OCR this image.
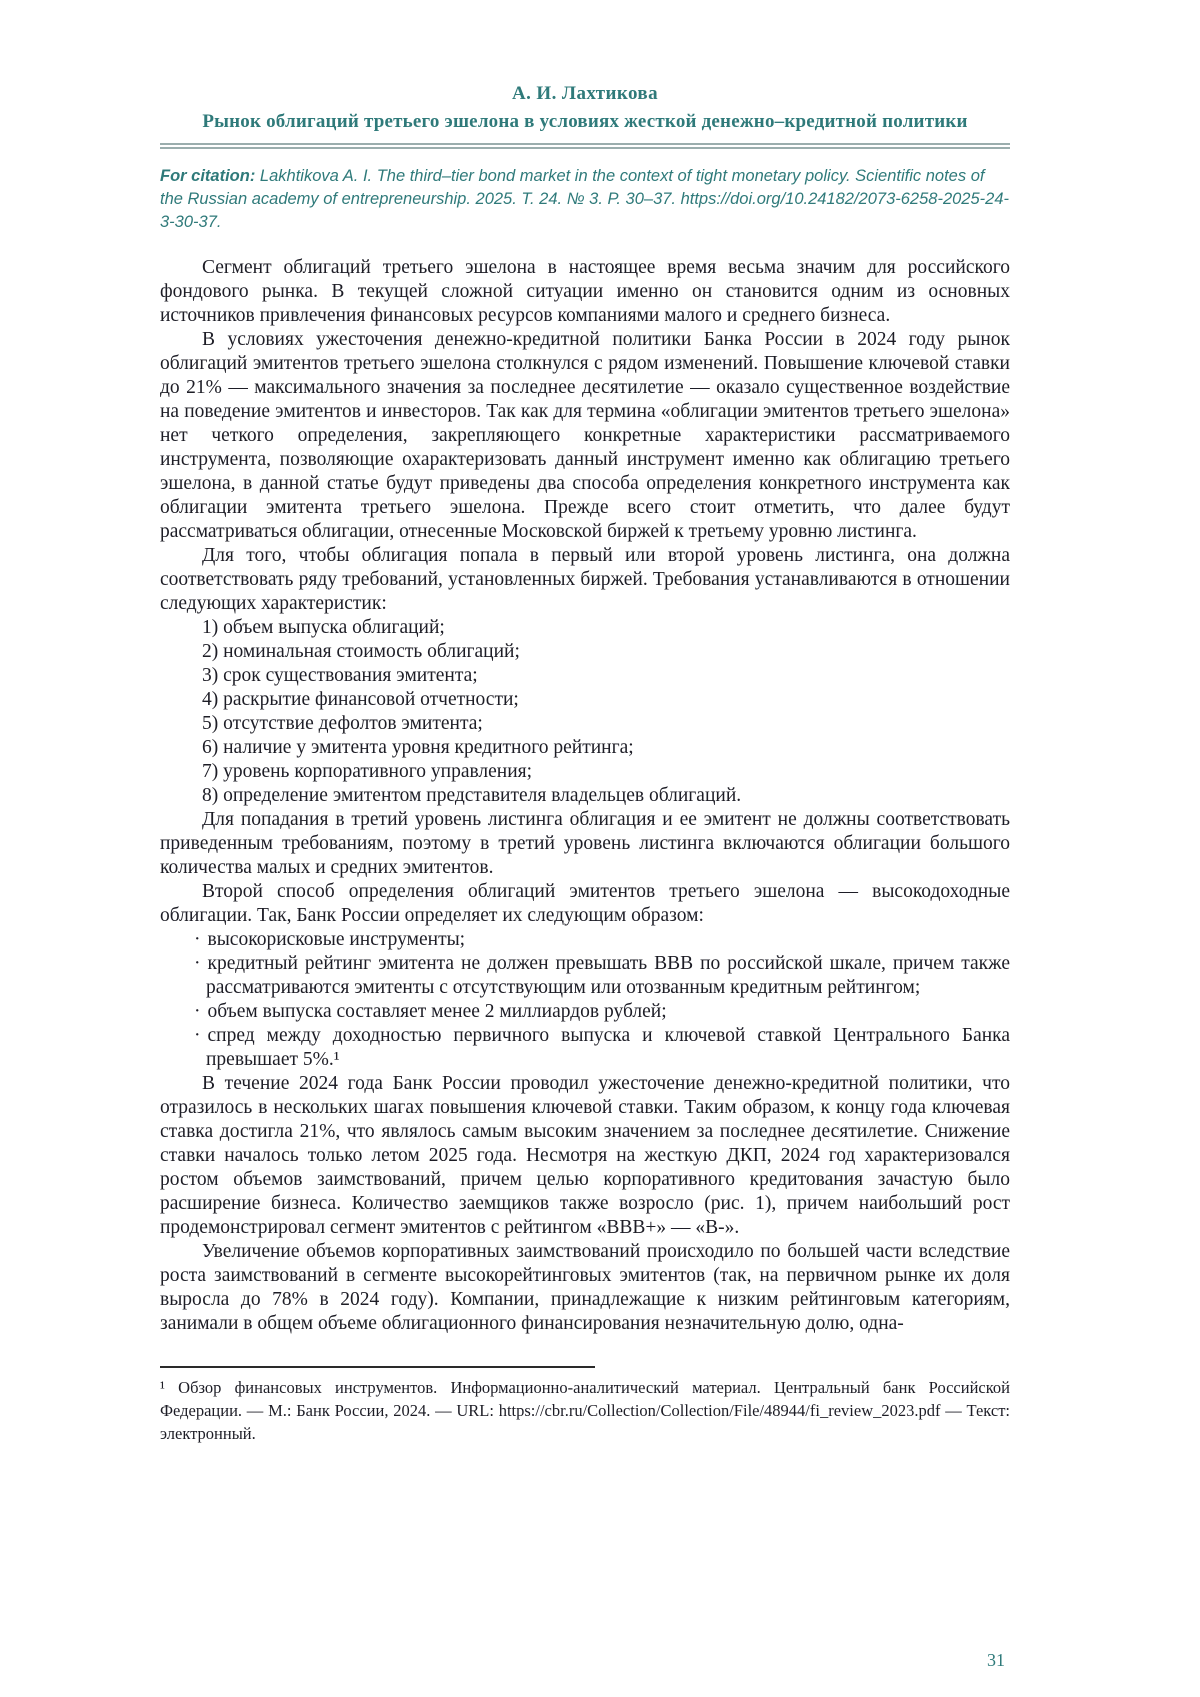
А. И. Лахтикова
Рынок облигаций третьего эшелона в условиях жесткой денежно–кредитной политики
For citation: Lakhtikova A. I. The third–tier bond market in the context of tight monetary policy. Scientific notes of the Russian academy of entrepreneurship. 2025. Т. 24. № 3. P. 30–37. https://doi.org/10.24182/2073-6258-2025-24-3-30-37.

Сегмент облигаций третьего эшелона в настоящее время весьма значим для российского фондового рынка. В текущей сложной ситуации именно он становится одним из основных источников привлечения финансовых ресурсов компаниями малого и среднего бизнеса.

В условиях ужесточения денежно-кредитной политики Банка России в 2024 году рынок облигаций эмитентов третьего эшелона столкнулся с рядом изменений. Повышение ключевой ставки до 21% — максимального значения за последнее десятилетие — оказало существенное воздействие на поведение эмитентов и инвесторов. Так как для термина «облигации эмитентов третьего эшелона» нет четкого определения, закрепляющего конкретные характеристики рассматриваемого инструмента, позволяющие охарактеризовать данный инструмент именно как облигацию третьего эшелона, в данной статье будут приведены два способа определения конкретного инструмента как облигации эмитента третьего эшелона. Прежде всего стоит отметить, что далее будут рассматриваться облигации, отнесенные Московской биржей к третьему уровню листинга.

Для того, чтобы облигация попала в первый или второй уровень листинга, она должна соответствовать ряду требований, установленных биржей. Требования устанавливаются в отношении следующих характеристик:

1) объем выпуска облигаций;
2) номинальная стоимость облигаций;
3) срок существования эмитента;
4) раскрытие финансовой отчетности;
5) отсутствие дефолтов эмитента;
6) наличие у эмитента уровня кредитного рейтинга;
7) уровень корпоративного управления;
8) определение эмитентом представителя владельцев облигаций.

Для попадания в третий уровень листинга облигация и ее эмитент не должны соответствовать приведенным требованиям, поэтому в третий уровень листинга включаются облигации большого количества малых и средних эмитентов.

Второй способ определения облигаций эмитентов третьего эшелона — высокодоходные облигации. Так, Банк России определяет их следующим образом:

· высокорисковые инструменты;
· кредитный рейтинг эмитента не должен превышать BBB по российской шкале, причем также рассматриваются эмитенты с отсутствующим или отозванным кредитным рейтингом;
· объем выпуска составляет менее 2 миллиардов рублей;
· спред между доходностью первичного выпуска и ключевой ставкой Центрального Банка превышает 5%.¹

В течение 2024 года Банк России проводил ужесточение денежно-кредитной политики, что отразилось в нескольких шагах повышения ключевой ставки. Таким образом, к концу года ключевая ставка достигла 21%, что являлось самым высоким значением за последнее десятилетие. Снижение ставки началось только летом 2025 года. Несмотря на жесткую ДКП, 2024 год характеризовался ростом объемов заимствований, причем целью корпоративного кредитования зачастую было расширение бизнеса. Количество заемщиков также возросло (рис. 1), причем наибольший рост продемонстрировал сегмент эмитентов с рейтингом «BBB+» — «B-».

Увеличение объемов корпоративных заимствований происходило по большей части вследствие роста заимствований в сегменте высокорейтинговых эмитентов (так, на первичном рынке их доля выросла до 78% в 2024 году). Компании, принадлежащие к низким рейтинговым категориям, занимали в общем объеме облигационного финансирования незначительную долю, одна-

¹ Обзор финансовых инструментов. Информационно-аналитический материал. Центральный банк Российской Федерации. — М.: Банк России, 2024. — URL: https://cbr.ru/Collection/Collection/File/48944/fi_review_2023.pdf — Текст: электронный.

31
